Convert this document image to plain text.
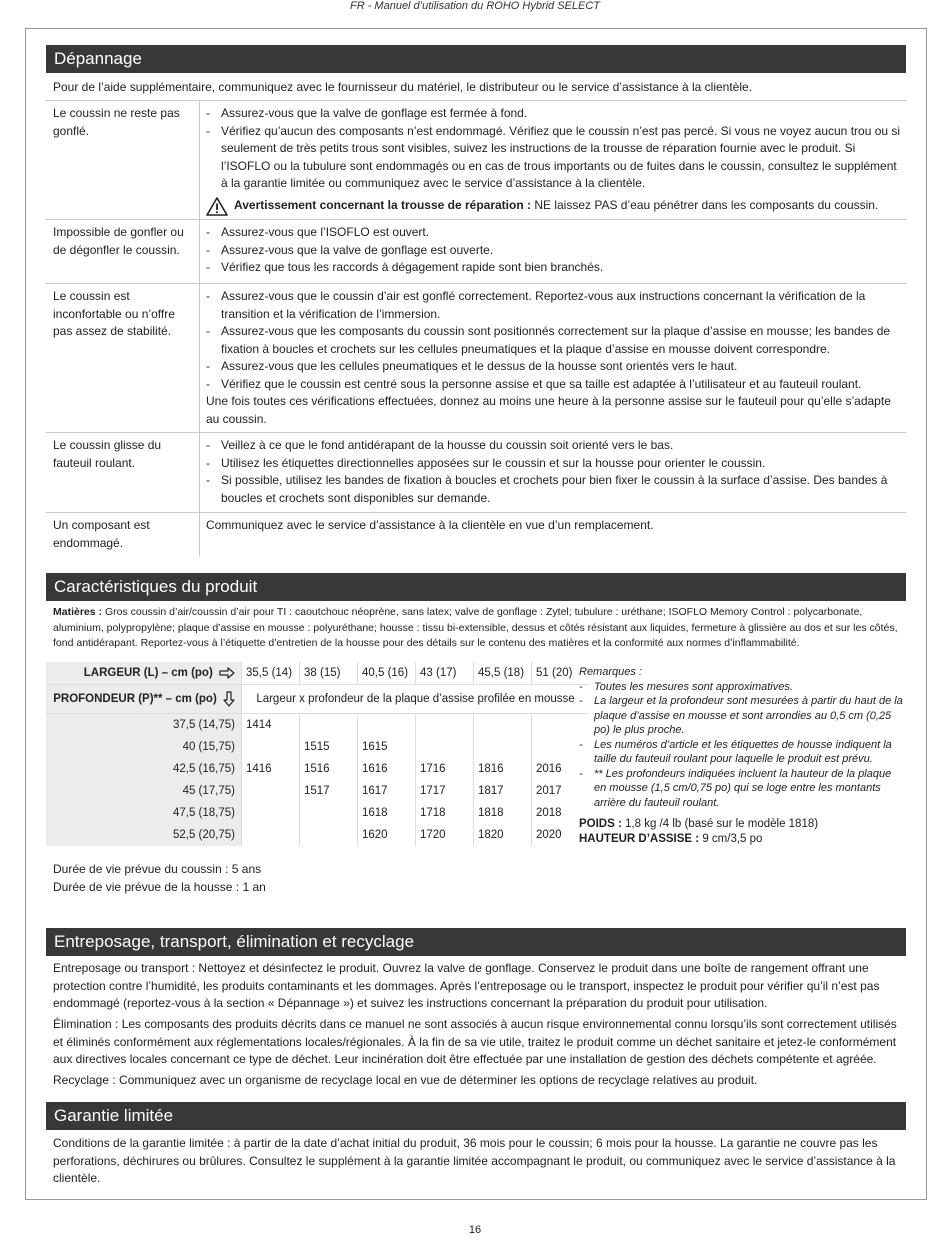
FR - Manuel d’utilisation du ROHO Hybrid SELECT
Dépannage
Pour de l’aide supplémentaire, communiquez avec le fournisseur du matériel, le distributeur ou le service d’assistance à la clientèle.
Le coussin ne reste pas gonflé.
- Assurez-vous que la valve de gonflage est fermée à fond.
- Vérifiez qu’aucun des composants n’est endommagé. Vérifiez que le coussin n’est pas percé. Si vous ne voyez aucun trou ou si seulement de très petits trous sont visibles, suivez les instructions de la trousse de réparation fournie avec le produit. Si l’ISOFLO ou la tubulure sont endommagés ou en cas de trous importants ou de fuites dans le coussin, consultez le supplément à la garantie limitée ou communiquez avec le service d’assistance à la clientèle.
Avertissement concernant la trousse de réparation : NE laissez PAS d’eau pénétrer dans les composants du coussin.
Impossible de gonfler ou de dégonfler le coussin.
- Assurez-vous que l’ISOFLO est ouvert.
- Assurez-vous que la valve de gonflage est ouverte.
- Vérifiez que tous les raccords à dégagement rapide sont bien branchés.
Le coussin est inconfortable ou n’offre pas assez de stabilité.
- Assurez-vous que le coussin d’air est gonflé correctement. Reportez-vous aux instructions concernant la vérification de la transition et la vérification de l’immersion.
- Assurez-vous que les composants du coussin sont positionnés correctement sur la plaque d’assise en mousse; les bandes de fixation à boucles et crochets sur les cellules pneumatiques et la plaque d’assise en mousse doivent correspondre.
- Assurez-vous que les cellules pneumatiques et le dessus de la housse sont orientés vers le haut.
- Vérifiez que le coussin est centré sous la personne assise et que sa taille est adaptée à l’utilisateur et au fauteuil roulant.
Une fois toutes ces vérifications effectuées, donnez au moins une heure à la personne assise sur le fauteuil pour qu’elle s’adapte au coussin.
Le coussin glisse du fauteuil roulant.
- Veillez à ce que le fond antidérapant de la housse du coussin soit orienté vers le bas.
- Utilisez les étiquettes directionnelles apposées sur le coussin et sur la housse pour orienter le coussin.
- Si possible, utilisez les bandes de fixation à boucles et crochets pour bien fixer le coussin à la surface d’assise. Des bandes à boucles et crochets sont disponibles sur demande.
Un composant est endommagé.
Communiquez avec le service d’assistance à la clientèle en vue d’un remplacement.
Caractéristiques du produit
Matières : Gros coussin d’air/coussin d’air pour TI : caoutchouc néoprène, sans latex; valve de gonflage : Zytel; tubulure : uréthane; ISOFLO Memory Control : polycarbonate, aluminium, polypropylène; plaque d’assise en mousse : polyuréthane; housse : tissu bi-extensible, dessus et côtés résistant aux liquides, fermeture à glissière au dos et sur les côtés, fond antidérapant. Reportez-vous à l’étiquette d’entretien de la housse pour des détails sur le contenu des matières et la conformité aux normes d’inflammabilité.
LARGEUR (L) – cm (po)	35,5 (14)	38 (15)	40,5 (16)	43 (17)	45,5 (18)	51 (20)
PROFONDEUR (P)** – cm (po)	Largeur x profondeur de la plaque d’assise profilée en mousse					
37,5 (14,75)	1414					
40 (15,75)		1515	1615			
42,5 (16,75)	1416	1516	1616	1716	1816	2016
45 (17,75)		1517	1617	1717	1817	2017
47,5 (18,75)			1618	1718	1818	2018
52,5 (20,75)			1620	1720	1820	2020
Remarques :
- Toutes les mesures sont approximatives.
- La largeur et la profondeur sont mesurées à partir du haut de la plaque d’assise en mousse et sont arrondies au 0,5 cm (0,25 po) le plus proche.
- Les numéros d’article et les étiquettes de housse indiquent la taille du fauteuil roulant pour laquelle le produit est prévu.
- ** Les profondeurs indiquées incluent la hauteur de la plaque en mousse (1,5 cm/0,75 po) qui se loge entre les montants arrière du fauteuil roulant.
POIDS : 1,8 kg /4 lb (basé sur le modèle 1818)
HAUTEUR D’ASSISE : 9 cm/3,5 po
Durée de vie prévue du coussin : 5 ans
Durée de vie prévue de la housse : 1 an
Entreposage, transport, élimination et recyclage
Entreposage ou transport : Nettoyez et désinfectez le produit. Ouvrez la valve de gonflage. Conservez le produit dans une boîte de rangement offrant une protection contre l’humidité, les produits contaminants et les dommages. Après l’entreposage ou le transport, inspectez le produit pour vérifier qu’il n’est pas endommagé (reportez-vous à la section « Dépannage ») et suivez les instructions concernant la préparation du produit pour utilisation.
Élimination : Les composants des produits décrits dans ce manuel ne sont associés à aucun risque environnemental connu lorsqu’ils sont correctement utilisés et éliminés conformément aux réglementations locales/régionales. À la fin de sa vie utile, traitez le produit comme un déchet sanitaire et jetez-le conformément aux directives locales concernant ce type de déchet. Leur incinération doit être effectuée par une installation de gestion des déchets compétente et agréée.
Recyclage : Communiquez avec un organisme de recyclage local en vue de déterminer les options de recyclage relatives au produit.
Garantie limitée
Conditions de la garantie limitée : à partir de la date d’achat initial du produit, 36 mois pour le coussin; 6 mois pour la housse. La garantie ne couvre pas les perforations, déchirures ou brûlures. Consultez le supplément à la garantie limitée accompagnant le produit, ou communiquez avec le service d’assistance à la clientèle.
16
